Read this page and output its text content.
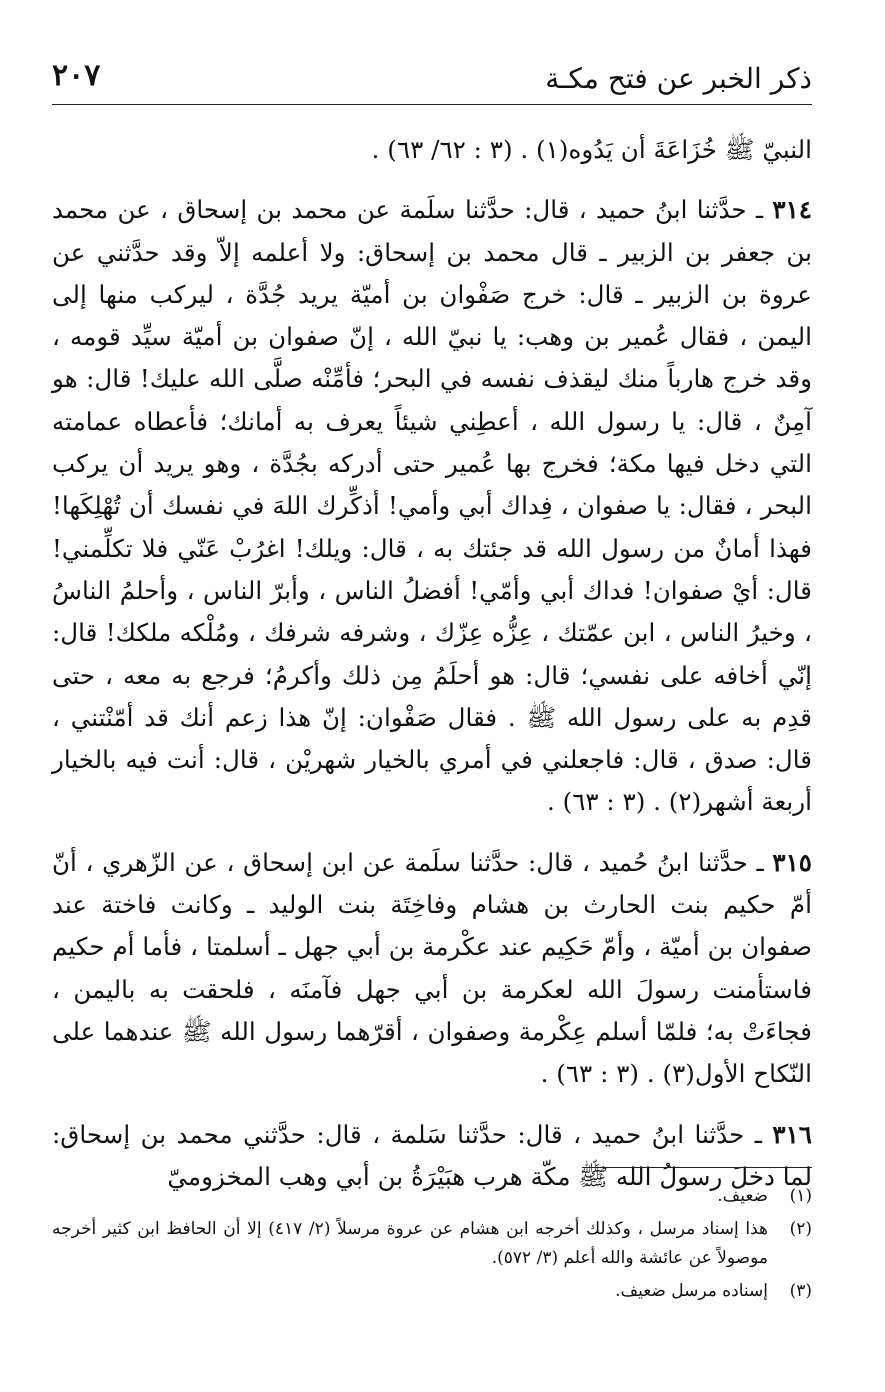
ذكر الخبر عن فتح مكـة
٢٠٧

النبيّ ﷺ خُزَاعَةَ أن يَدُوه(١) . (٣ : ٦٢/ ٦٣) .

٣١٤ ـ حدَّثنا ابنُ حميد ، قال: حدَّثنا سلَمة عن محمد بن إسحاق ، عن محمد بن جعفر بن الزبير ـ قال محمد بن إسحاق: ولا أعلمه إلاّ وقد حدَّثني عن عروة بن الزبير ـ قال: خرج صَفْوان بن أميّة يريد جُدَّة ، ليركب منها إلى اليمن ، فقال عُمير بن وهب: يا نبيّ الله ، إنّ صفوان بن أميّة سيِّد قومه ، وقد خرج هارباً منك ليقذف نفسه في البحر؛ فأمِّنْه صلَّى الله عليك! قال: هو آمِنٌ ، قال: يا رسول الله ، أعطِني شيئاً يعرف به أمانك؛ فأعطاه عمامته التي دخل فيها مكة؛ فخرج بها عُمير حتى أدركه بجُدَّة ، وهو يريد أن يركب البحر ، فقال: يا صفوان ، فِداك أبي وأمي! أذكِّرك اللهَ في نفسك أن تُهْلِكَها! فهذا أمانٌ من رسول الله قد جئتك به ، قال: ويلك! اغرُبْ عَنّي فلا تكلِّمني! قال: أيْ صفوان! فداك أبي وأمّي! أفضلُ الناس ، وأبرّ الناس ، وأحلمُ الناسُ ، وخيرُ الناس ، ابن عمّتك ، عِزُّه عِزّك ، وشرفه شرفك ، ومُلْكه ملكك! قال: إنّي أخافه على نفسي؛ قال: هو أحلَمُ مِن ذلك وأكرمُ؛ فرجع به معه ، حتى قدِم به على رسول الله ﷺ . فقال صَفْوان: إنّ هذا زعم أنك قد أمّنْتني ، قال: صدق ، قال: فاجعلني في أمري بالخيار شهريْن ، قال: أنت فيه بالخيار أربعة أشهر(٢) . (٣ : ٦٣) .

٣١٥ ـ حدَّثنا ابنُ حُميد ، قال: حدَّثنا سلَمة عن ابن إسحاق ، عن الزّهري ، أنّ أمّ حكيم بنت الحارث بن هشام وفاخِتَة بنت الوليد ـ وكانت فاختة عند صفوان بن أميّة ، وأمّ حَكِيم عند عكْرمة بن أبي جهل ـ أسلمتا ، فأما أم حكيم فاستأمنت رسولَ الله لعكرمة بن أبي جهل فآمنَه ، فلحقت به باليمن ، فجاءَتْ به؛ فلمّا أسلم عِكْرمة وصفوان ، أقرّهما رسول الله ﷺ عندهما على النّكاح الأول(٣) . (٣ : ٦٣) .

٣١٦ ـ حدَّثنا ابنُ حميد ، قال: حدَّثنا سَلمة ، قال: حدَّثني محمد بن إسحاق: لما دخلَ رسولُ الله ﷺ مكّة هرب هبَيْرَةُ بن أبي وهب المخزوميّ

(١)
ضعيف.
(٢)
هذا إسناد مرسل ، وكذلك أخرجه ابن هشام عن عروة مرسلاً (٢/ ٤١٧) إلا أن الحافظ ابن كثير أخرجه موصولاً عن عائشة والله أعلم (٣/ ٥٧٢).
(٣)
إسناده مرسل ضعيف.
